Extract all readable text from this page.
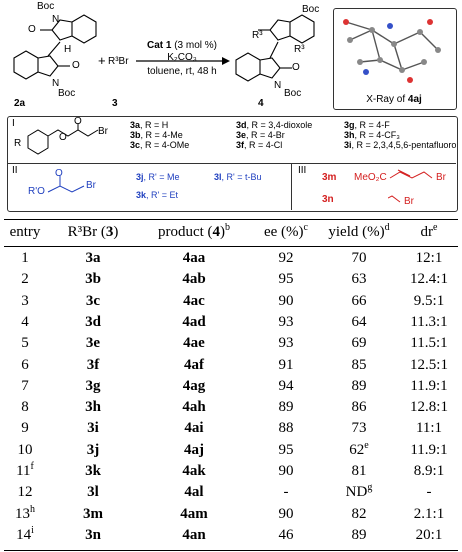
Boc
O
N
H
O
N
Boc
2a
+ R³Br
3
Cat 1 (3 mol %)
K₂CO₃
toluene, rt, 48 h
Boc
R³
R³
O
N
Boc
4	X-Ray of 4aj
I
R
O
O
Br
3a, R = H
3b, R = 4-Me
3c, R = 4-OMe
3d, R = 3,4-dioxole
3e, R = 4-Br
3f, R = 4-Cl
3g, R = 4-F
3h, R = 4-CF₃
3i, R = 2,3,4,5,6-pentafluoro
II
R'O
O
Br
3j, R' = Me	3l, R' = t-Bu
3k, R' = Et
III
3m
3n
MeO₂C	Br
Br
entry	R³Br (3)	product $(4)^b$	ee (%)$^c$	yield (%)$^d$	$dr^e$
1	3a	4aa	92	70	12:1
2	3b	4ab	95	63	12.4:1
3	3c	4ac	90	66	9.5:1
4	3d	4ad	93	64	11.3:1
5	3e	4ae	93	69	11.5:1
6	3f	4af	91	85	12.5:1
7	3g	4ag	94	89	11.9:1
8	3h	4ah	89	86	12.8:1
9	3i	4ai	88	73	11:1
10	3j	4aj	95	62e	11.9:1
11$^f$	3k	4ak	90	81	8.9:1
12	3l	4al	-	$ND^g$	-
13$^h$	3m	4am	90	82	2.1:1
14$^i$	3n	4an	46	89	20:1
